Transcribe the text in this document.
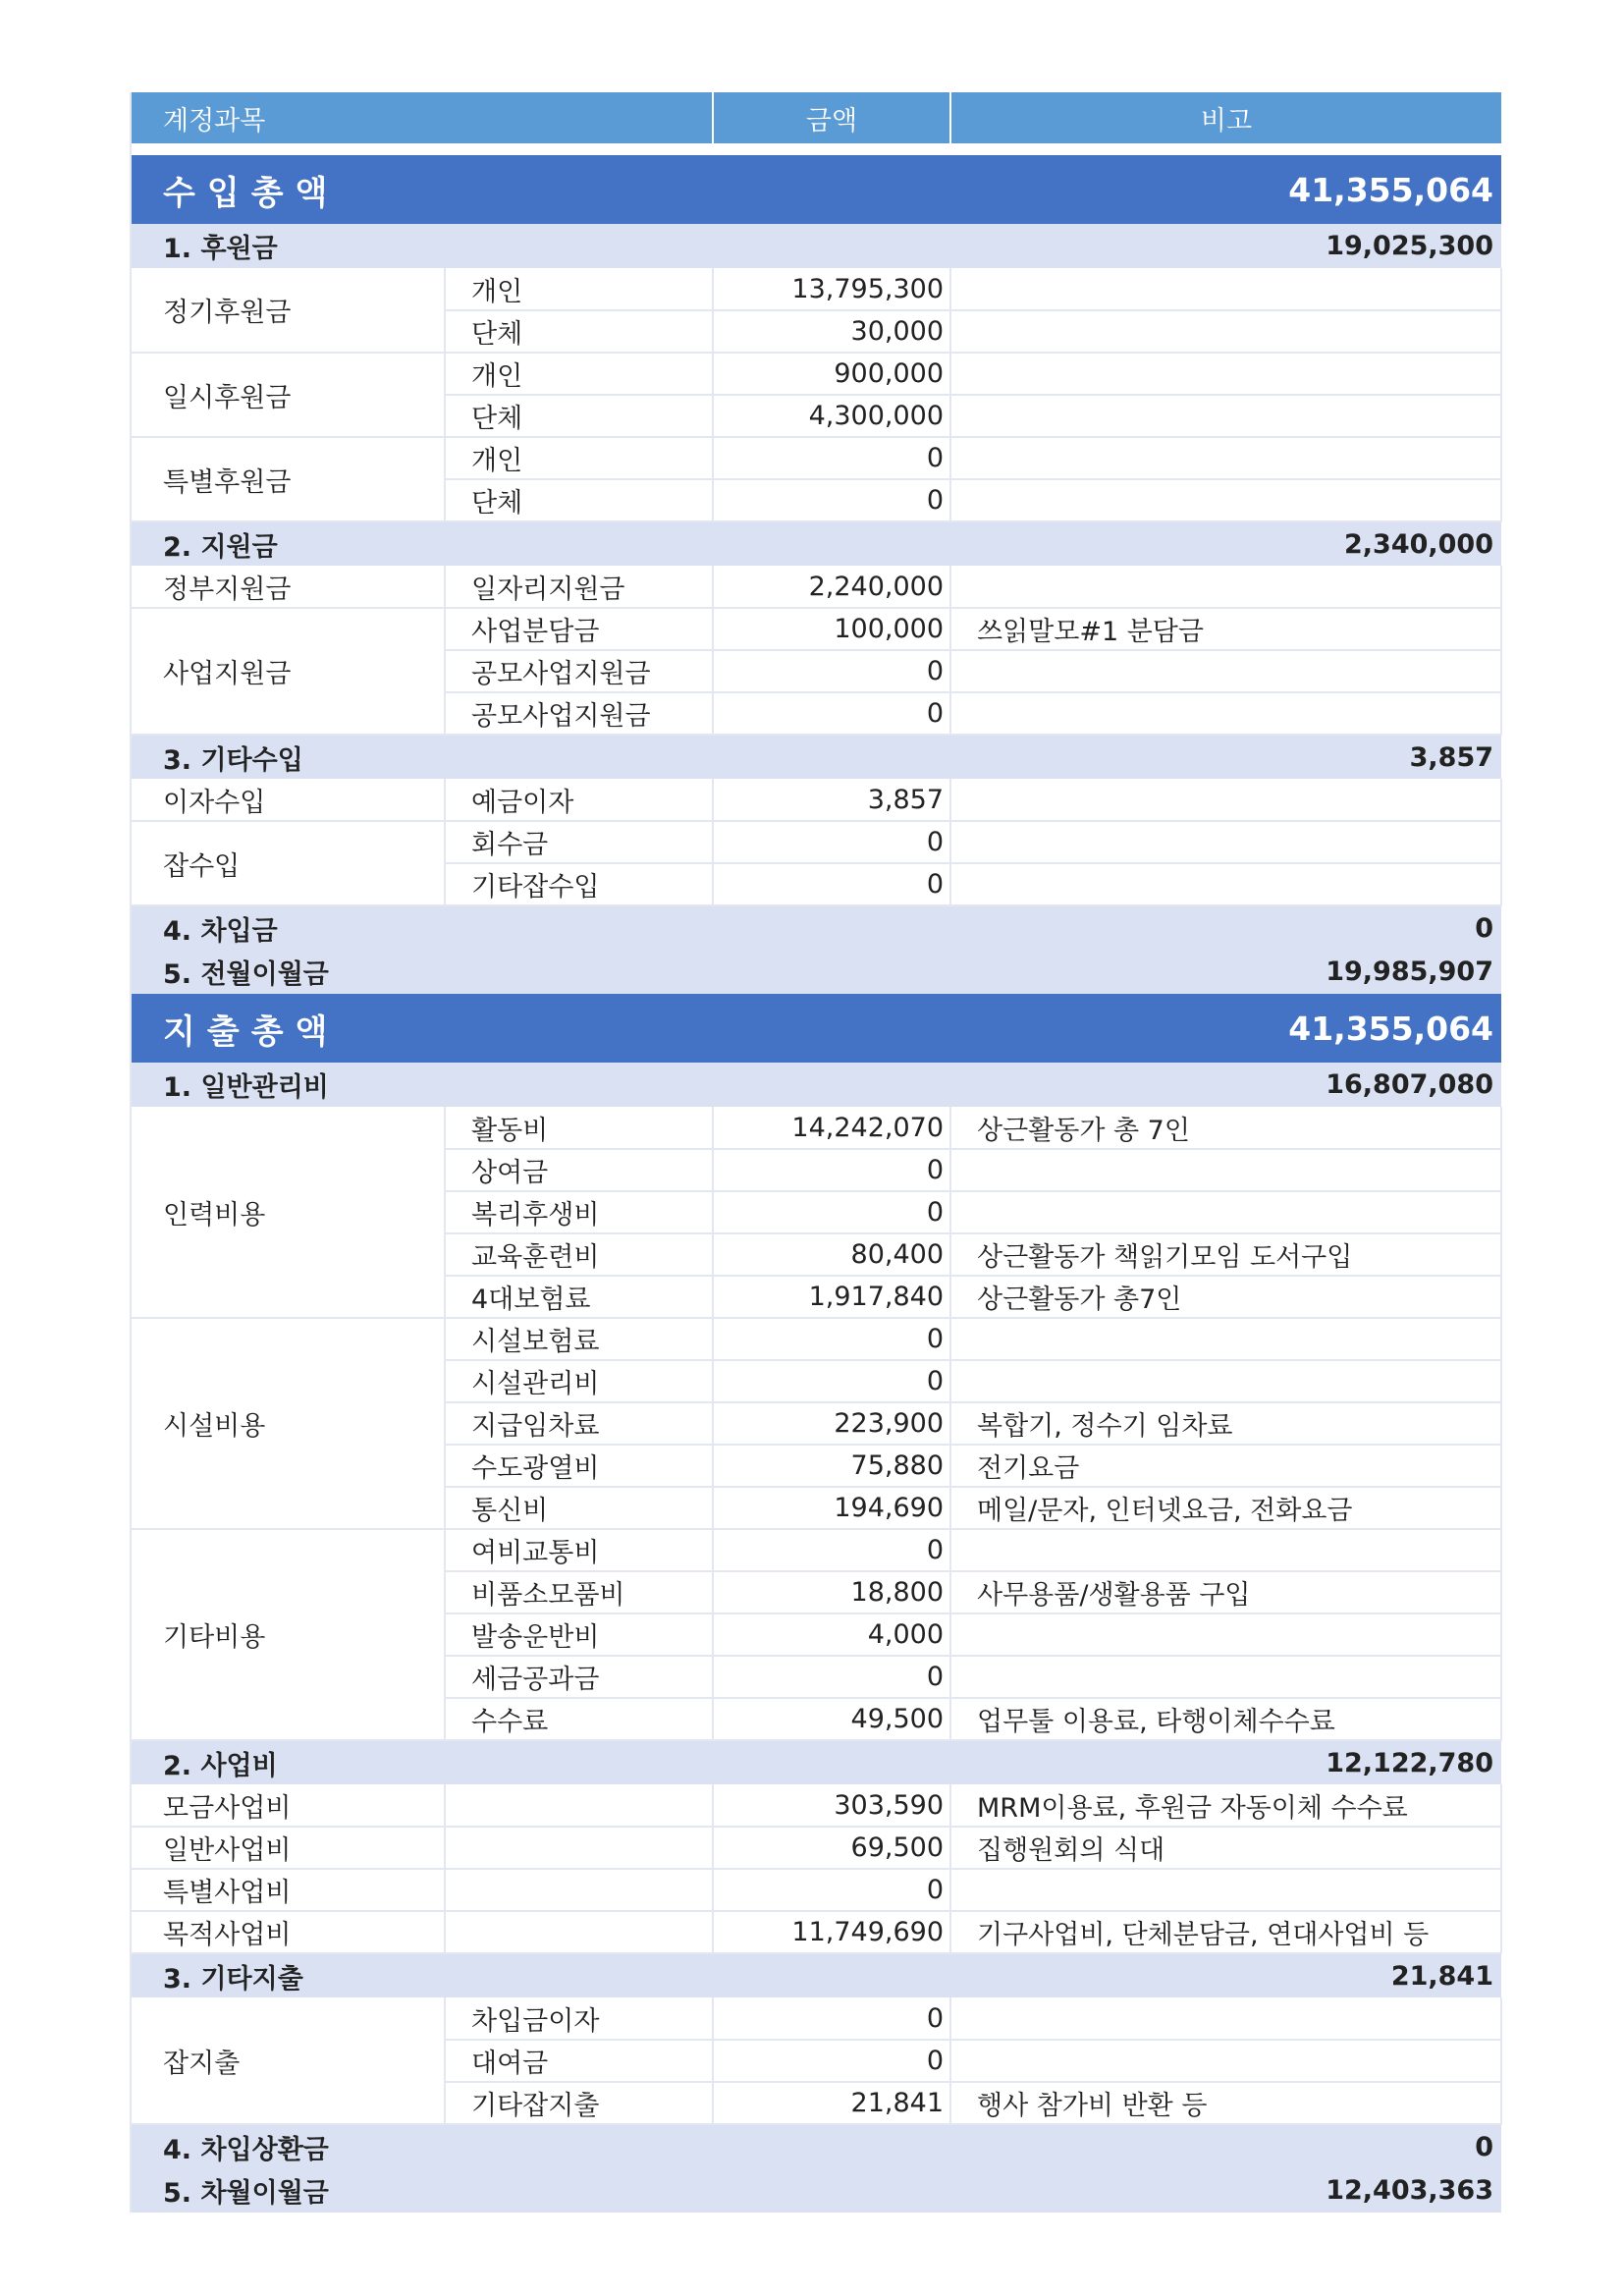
계정과목		금액	비고

수입총액		41,355,064	
1. 후원금		19,025,300	
정기후원금	개인	13,795,300	
	단체	30,000	
일시후원금	개인	900,000	
	단체	4,300,000	
특별후원금	개인	0	
	단체	0	
2. 지원금		2,340,000	
정부지원금	일자리지원금	2,240,000	
사업지원금	사업분담금	100,000	쓰읽말모#1 분담금
	공모사업지원금	0	
	공모사업지원금	0	
3. 기타수입		3,857	
이자수입	예금이자	3,857	
잡수입	회수금	0	
	기타잡수입	0	
4. 차입금		0	
5. 전월이월금		19,985,907	
지출총액		41,355,064	
1. 일반관리비		16,807,080	
인력비용	활동비	14,242,070	상근활동가 총 7인
	상여금	0	
	복리후생비	0	
	교육훈련비	80,400	상근활동가 책읽기모임 도서구입
	4대보험료	1,917,840	상근활동가 총7인
시설비용	시설보험료	0	
	시설관리비	0	
	지급임차료	223,900	복합기, 정수기 임차료
	수도광열비	75,880	전기요금
	통신비	194,690	메일/문자, 인터넷요금, 전화요금
기타비용	여비교통비	0	
	비품소모품비	18,800	사무용품/생활용품 구입
	발송운반비	4,000	
	세금공과금	0	
	수수료	49,500	업무툴 이용료, 타행이체수수료
2. 사업비		12,122,780	
모금사업비		303,590	MRM이용료, 후원금 자동이체 수수료
일반사업비		69,500	집행원회의 식대
특별사업비		0	
목적사업비		11,749,690	기구사업비, 단체분담금, 연대사업비 등
3. 기타지출		21,841	
잡지출	차입금이자	0	
	대여금	0	
	기타잡지출	21,841	행사 참가비 반환 등
4. 차입상환금		0	
5. 차월이월금		12,403,363	
